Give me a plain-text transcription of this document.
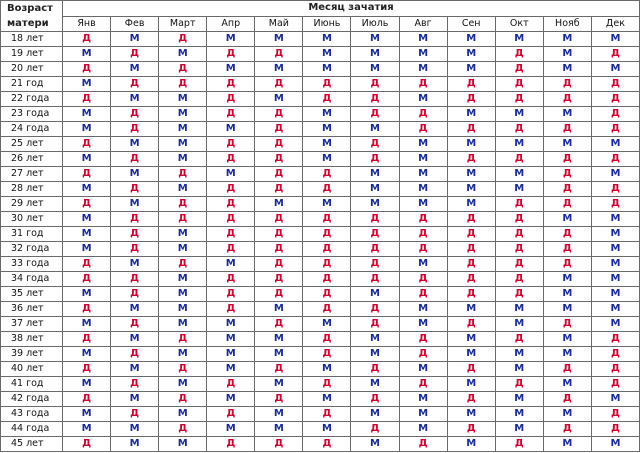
Возраст матери	Месяц зачатия											
	Янв	Фев	Март	Апр	Май	Июнь	Июль	Авг	Сен	Окт	Нояб	Дек
18 лет	Д	М	Д	М	М	М	М	М	М	М	М	М
19 лет	М	Д	М	Д	Д	М	М	М	М	Д	М	Д
20 лет	Д	М	Д	М	М	М	М	М	М	Д	М	М
21 год	М	Д	Д	Д	Д	Д	Д	Д	Д	Д	Д	Д
22 года	Д	М	М	Д	М	Д	Д	М	Д	Д	Д	Д
23 года	М	Д	М	Д	Д	М	Д	Д	М	М	М	Д
24 года	М	Д	М	М	Д	М	М	Д	Д	Д	Д	Д
25 лет	Д	М	М	Д	Д	М	Д	М	М	М	М	М
26 лет	М	Д	М	Д	Д	М	Д	М	Д	Д	Д	Д
27 лет	Д	М	Д	М	Д	Д	М	М	М	М	Д	М
28 лет	М	Д	М	Д	Д	Д	М	М	М	М	Д	Д
29 лет	Д	М	Д	Д	М	М	М	М	М	Д	Д	Д
30 лет	М	Д	Д	Д	Д	Д	Д	Д	Д	Д	М	М
31 год	М	Д	М	Д	Д	Д	Д	Д	Д	Д	Д	М
32 года	М	Д	М	Д	Д	Д	Д	Д	Д	Д	Д	М
33 года	Д	М	Д	М	Д	Д	Д	М	Д	Д	Д	М
34 года	Д	Д	М	Д	Д	Д	Д	Д	Д	Д	М	М
35 лет	М	Д	М	Д	Д	Д	М	Д	Д	Д	М	М
36 лет	Д	М	М	Д	М	Д	Д	М	М	М	М	М
37 лет	М	Д	М	М	Д	М	Д	М	Д	М	Д	М
38 лет	Д	М	Д	М	М	Д	М	Д	М	Д	М	Д
39 лет	М	Д	М	М	М	Д	М	Д	М	М	М	Д
40 лет	Д	М	Д	М	Д	М	Д	М	Д	М	Д	Д
41 год	М	Д	М	Д	М	Д	М	Д	М	Д	М	Д
42 года	Д	М	Д	М	Д	М	Д	М	Д	М	Д	М
43 года	М	Д	М	Д	М	Д	М	М	М	М	М	Д
44 года	М	М	Д	М	М	М	Д	М	Д	М	Д	Д
45 лет	Д	М	М	Д	Д	Д	М	Д	М	Д	М	М
